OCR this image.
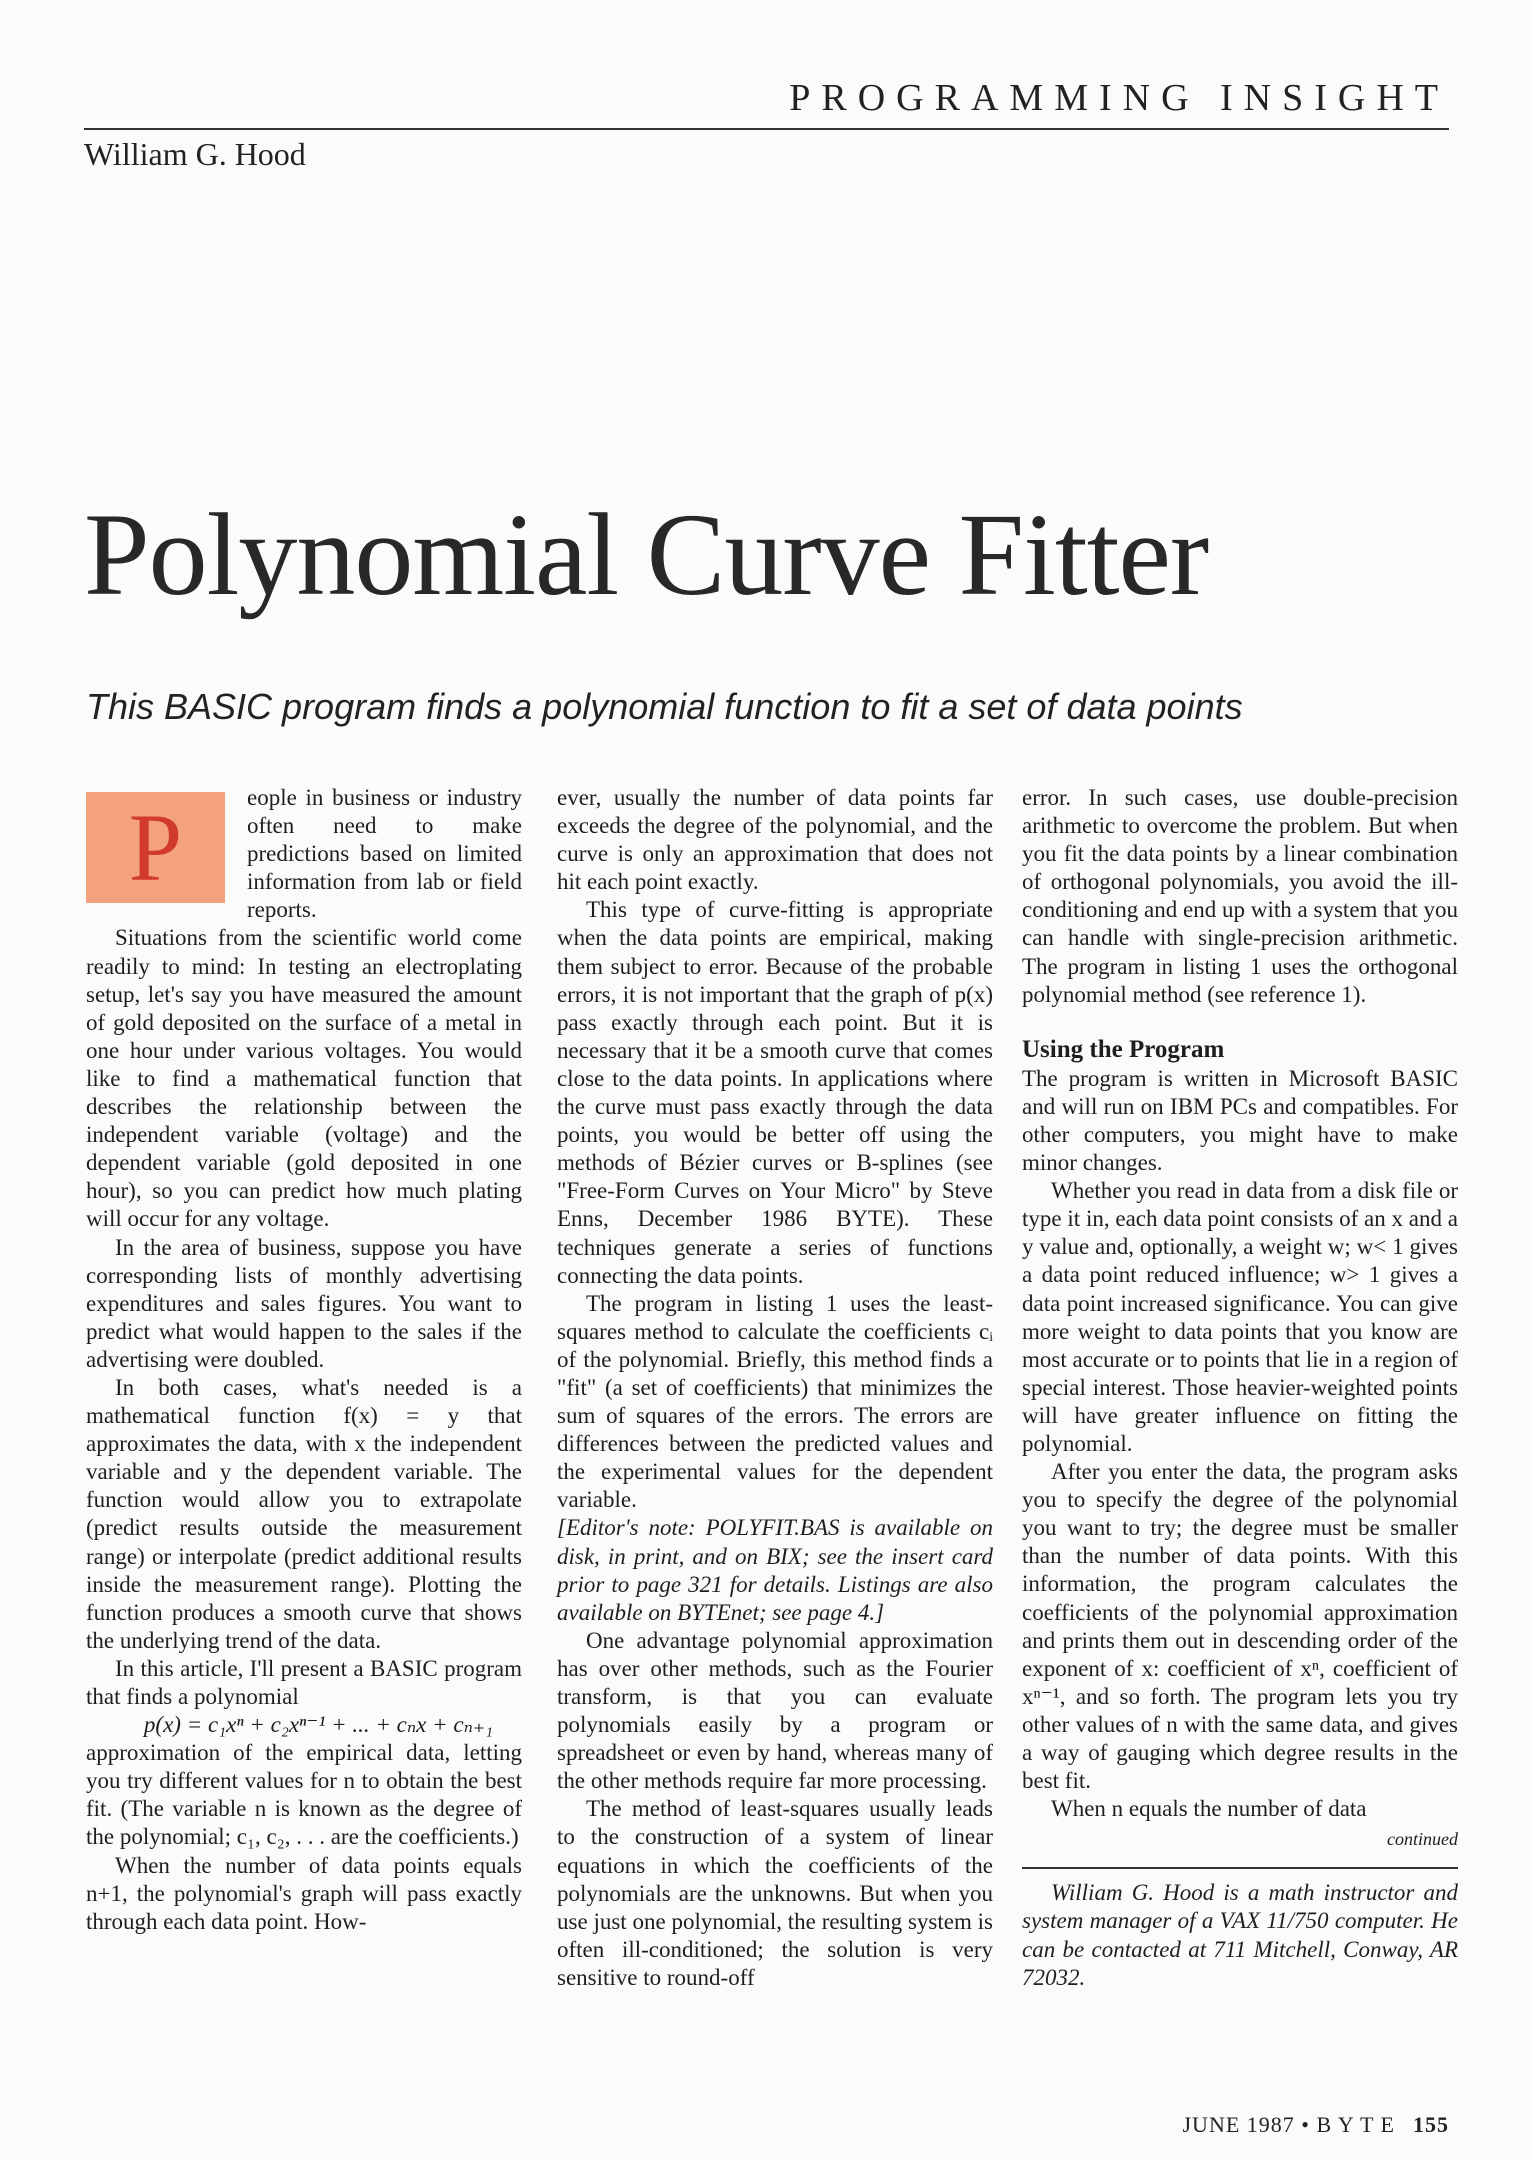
PROGRAMMING INSIGHT
William G. Hood
Polynomial Curve Fitter
This BASIC program finds a polynomial function to fit a set of data points
P	eople in business or industry often need to make predictions based on limited information from lab or field reports.

Situations from the scientific world come readily to mind: In testing an electroplating setup, let's say you have measured the amount of gold deposited on the surface of a metal in one hour under various voltages. You would like to find a mathematical function that describes the relationship between the independent variable (voltage) and the dependent variable (gold deposited in one hour), so you can predict how much plating will occur for any voltage.

In the area of business, suppose you have corresponding lists of monthly advertising expenditures and sales figures. You want to predict what would happen to the sales if the advertising were doubled.

In both cases, what's needed is a mathematical function f(x) = y that approximates the data, with x the independent variable and y the dependent variable. The function would allow you to extrapolate (predict results outside the measurement range) or interpolate (predict additional results inside the measurement range). Plotting the function produces a smooth curve that shows the underlying trend of the data.

In this article, I'll present a BASIC program that finds a polynomial

p(x) = c₁xⁿ + c₂xⁿ⁻¹ + ... + cₙx + cₙ₊₁

approximation of the empirical data, letting you try different values for n to obtain the best fit. (The variable n is known as the degree of the polynomial; c₁, c₂, . . . are the coefficients.)

When the number of data points equals n+1, the polynomial's graph will pass exactly through each data point. How-

ever, usually the number of data points far exceeds the degree of the polynomial, and the curve is only an approximation that does not hit each point exactly.

This type of curve-fitting is appropriate when the data points are empirical, making them subject to error. Because of the probable errors, it is not important that the graph of p(x) pass exactly through each point. But it is necessary that it be a smooth curve that comes close to the data points. In applications where the curve must pass exactly through the data points, you would be better off using the methods of Bézier curves or B-splines (see "Free-Form Curves on Your Micro" by Steve Enns, December 1986 BYTE). These techniques generate a series of functions connecting the data points.

The program in listing 1 uses the least-squares method to calculate the coefficients cᵢ of the polynomial. Briefly, this method finds a "fit" (a set of coefficients) that minimizes the sum of squares of the errors. The errors are differences between the predicted values and the experimental values for the dependent variable.

[Editor's note: POLYFIT.BAS is available on disk, in print, and on BIX; see the insert card prior to page 321 for details. Listings are also available on BYTEnet; see page 4.]

One advantage polynomial approximation has over other methods, such as the Fourier transform, is that you can evaluate polynomials easily by a program or spreadsheet or even by hand, whereas many of the other methods require far more processing.

The method of least-squares usually leads to the construction of a system of linear equations in which the coefficients of the polynomials are the unknowns. But when you use just one polynomial, the resulting system is often ill-conditioned; the solution is very sensitive to round-off

error. In such cases, use double-precision arithmetic to overcome the problem. But when you fit the data points by a linear combination of orthogonal polynomials, you avoid the ill-conditioning and end up with a system that you can handle with single-precision arithmetic. The program in listing 1 uses the orthogonal polynomial method (see reference 1).

Using the Program

The program is written in Microsoft BASIC and will run on IBM PCs and compatibles. For other computers, you might have to make minor changes.

Whether you read in data from a disk file or type it in, each data point consists of an x and a y value and, optionally, a weight w; w< 1 gives a data point reduced influence; w> 1 gives a data point increased significance. You can give more weight to data points that you know are most accurate or to points that lie in a region of special interest. Those heavier-weighted points will have greater influence on fitting the polynomial.

After you enter the data, the program asks you to specify the degree of the polynomial you want to try; the degree must be smaller than the number of data points. With this information, the program calculates the coefficients of the polynomial approximation and prints them out in descending order of the exponent of x: coefficient of xⁿ, coefficient of xⁿ⁻¹, and so forth. The program lets you try other values of n with the same data, and gives a way of gauging which degree results in the best fit.

When n equals the number of data

continued

William G. Hood is a math instructor and system manager of a VAX 11/750 computer. He can be contacted at 711 Mitchell, Conway, AR 72032.

JUNE 1987 • B Y T E 155
